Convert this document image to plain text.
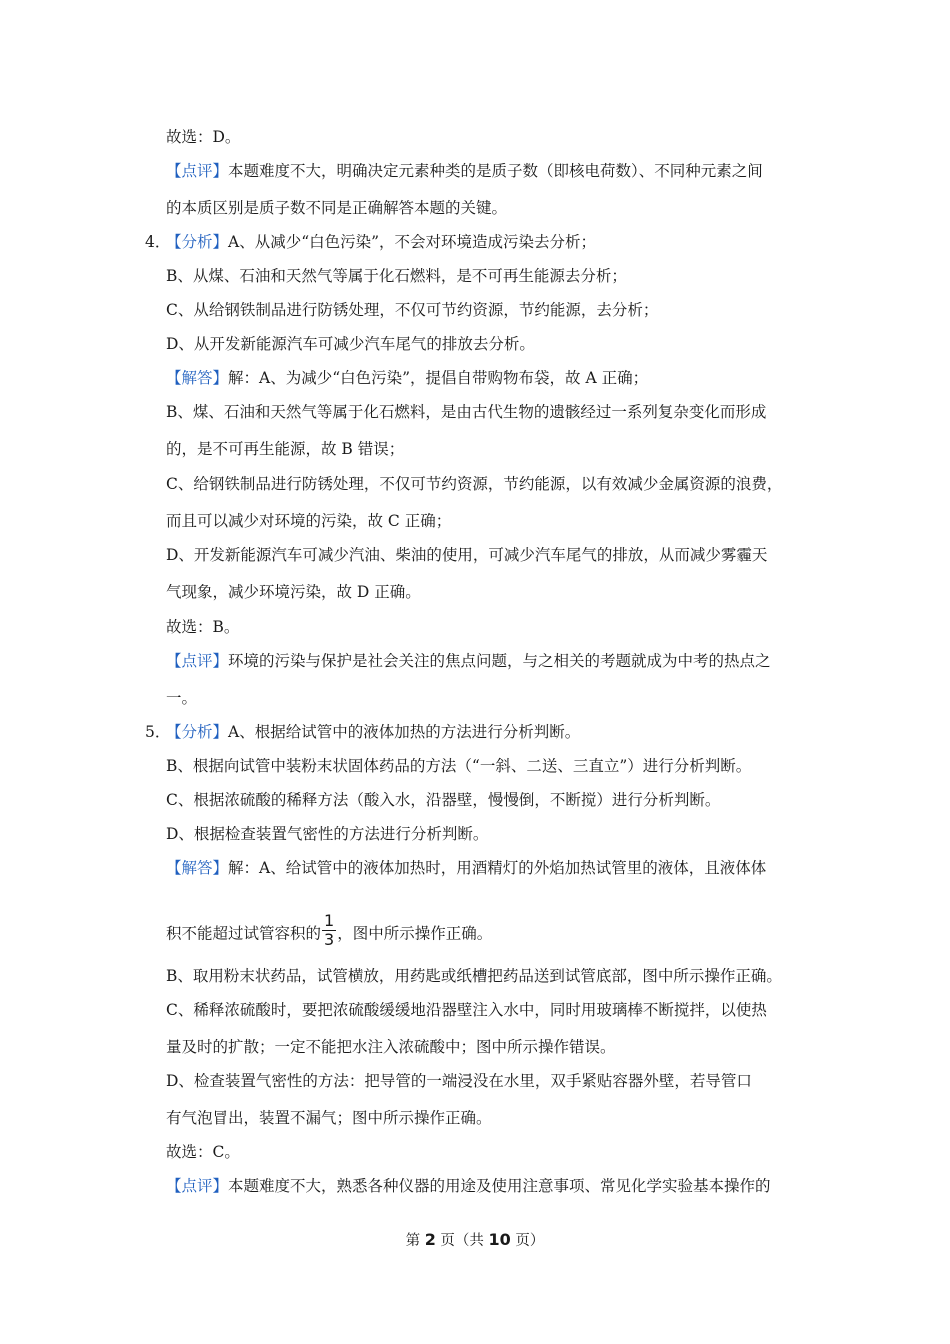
故选：D。
【点评】本题难度不大，明确决定元素种类的是质子数（即核电荷数）、不同种元素之间
的本质区别是质子数不同是正确解答本题的关键。
4．
【分析】A、从减少“白色污染”，不会对环境造成污染去分析；
B、从煤、石油和天然气等属于化石燃料，是不可再生能源去分析；
C、从给钢铁制品进行防锈处理，不仅可节约资源，节约能源，去分析；
D、从开发新能源汽车可减少汽车尾气的排放去分析。
【解答】解：A、为减少“白色污染”，提倡自带购物布袋，故 A 正确；
B、煤、石油和天然气等属于化石燃料，是由古代生物的遗骸经过一系列复杂变化而形成
的，是不可再生能源，故 B 错误；
C、给钢铁制品进行防锈处理，不仅可节约资源，节约能源，以有效减少金属资源的浪费，
而且可以减少对环境的污染，故 C 正确；
D、开发新能源汽车可减少汽油、柴油的使用，可减少汽车尾气的排放，从而减少雾霾天
气现象，减少环境污染，故 D 正确。
故选：B。
【点评】环境的污染与保护是社会关注的焦点问题，与之相关的考题就成为中考的热点之
一。
5．
【分析】A、根据给试管中的液体加热的方法进行分析判断。
B、根据向试管中装粉末状固体药品的方法（“一斜、二送、三直立”）进行分析判断。
C、根据浓硫酸的稀释方法（酸入水，沿器壁，慢慢倒，不断搅）进行分析判断。
D、根据检查装置气密性的方法进行分析判断。
【解答】解：A、给试管中的液体加热时，用酒精灯的外焰加热试管里的液体，且液体体
积不能超过试管容积的 $\frac{1}{3}$ ，图中所示操作正确。
B、取用粉末状药品，试管横放，用药匙或纸槽把药品送到试管底部，图中所示操作正确。
C、稀释浓硫酸时，要把浓硫酸缓缓地沿器壁注入水中，同时用玻璃棒不断搅拌，以使热
量及时的扩散；一定不能把水注入浓硫酸中；图中所示操作错误。
D、检查装置气密性的方法：把导管的一端浸没在水里，双手紧贴容器外壁，若导管口
有气泡冒出，装置不漏气；图中所示操作正确。
故选：C。
【点评】本题难度不大，熟悉各种仪器的用途及使用注意事项、常见化学实验基本操作的
第 2 页（共 10 页）
